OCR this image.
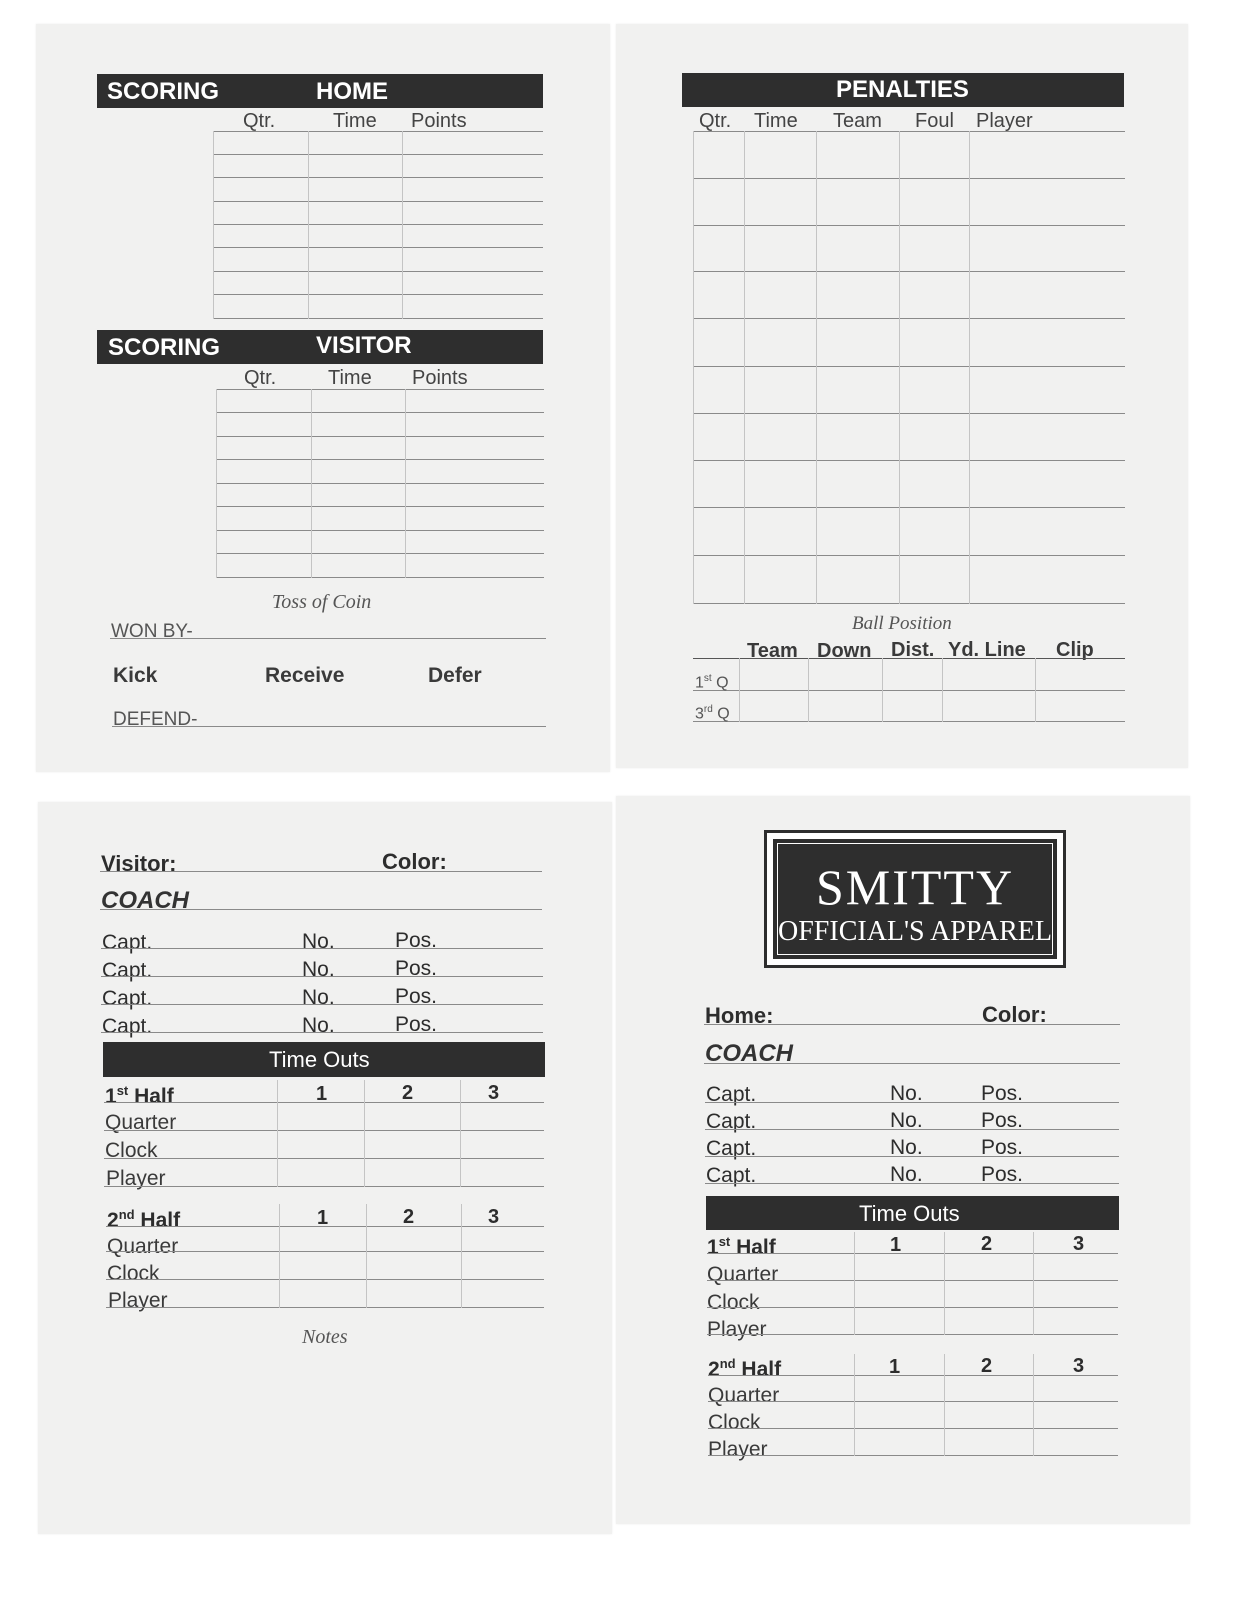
SCORING	HOME
Qtr.	Time Points
SCORING	VISITOR
Qtr.	Time Points
Toss of Coin
WON BY-
Kick	Receive	Defer
DEFEND-
PENALTIES
Qtr. Time Team Foul Player
Ball Position
Team Down Dist. Yd. Line Clip
1st Q
3rd Q
Visitor:	Color:
COACH
Capt.	No.	Pos.
Capt.	No.	Pos.
Capt.	No.	Pos.
Capt.	No.	Pos.
Time Outs
1st Half	1	2	3
Quarter
Clock
Player
2nd Half	1	2	3
Quarter
Clock
Player
Notes
SMITTY
OFFICIAL'S APPAREL
Home:	Color:
COACH
Capt.	No.	Pos.
Capt.	No.	Pos.
Capt.	No.	Pos.
Capt.	No.	Pos.
Time Outs
1st Half	1	2	3
Quarter
Clock
Player
2nd Half	1	2	3
Quarter
Clock
Player
